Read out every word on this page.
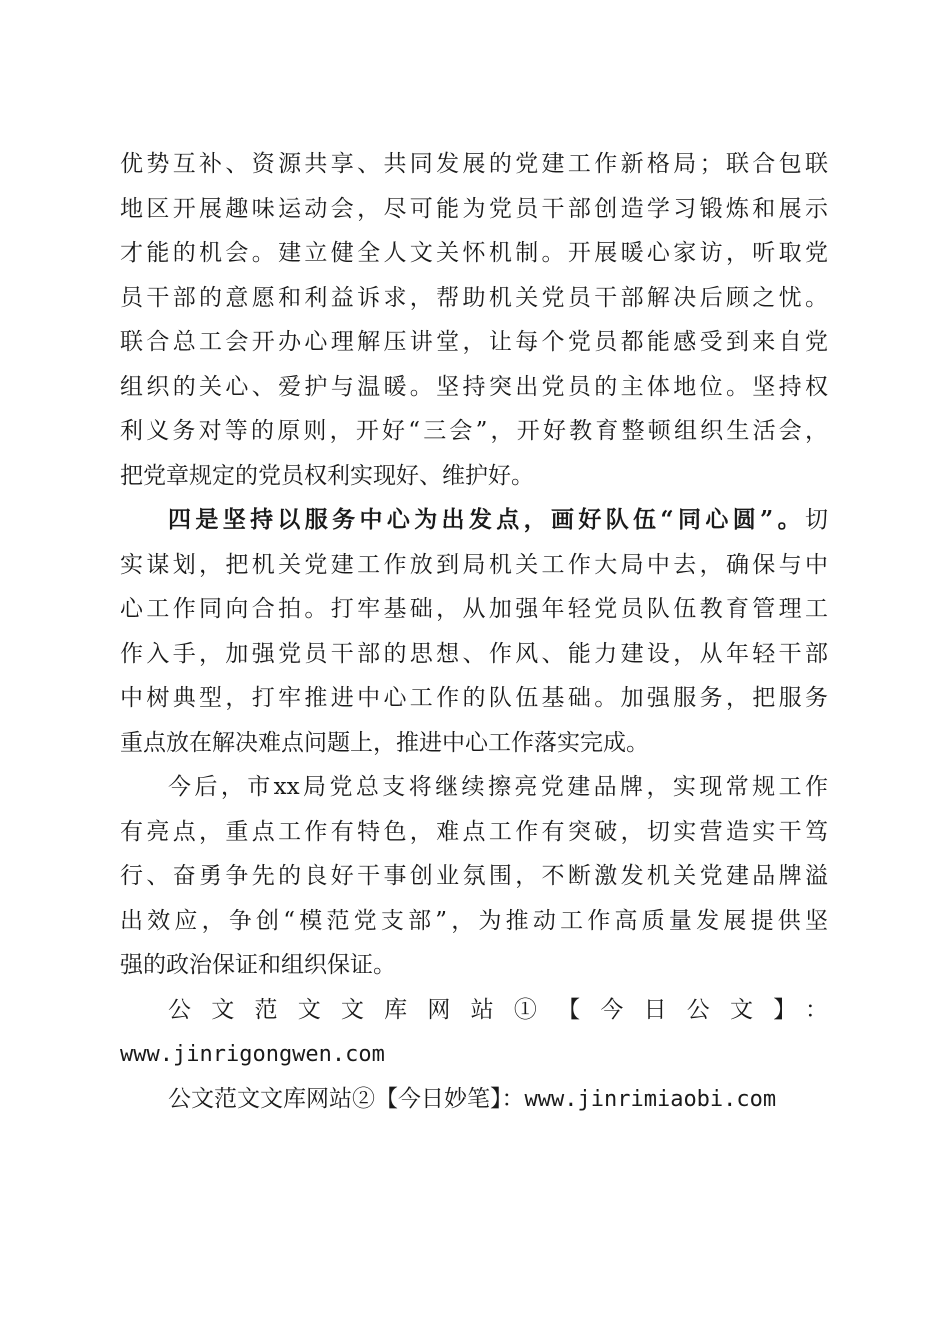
优势互补、资源共享、共同发展的党建工作新格局；联合包联
地区开展趣味运动会，尽可能为党员干部创造学习锻炼和展示
才能的机会。建立健全人文关怀机制。开展暖心家访，听取党
员干部的意愿和利益诉求，帮助机关党员干部解决后顾之忧。
联合总工会开办心理解压讲堂，让每个党员都能感受到来自党
组织的关心、爱护与温暖。坚持突出党员的主体地位。坚持权
利义务对等的原则，开好“三会”，开好教育整顿组织生活会，
把党章规定的党员权利实现好、维护好。
四是坚持以服务中心为出发点，画好队伍“同心圆”。切
实谋划，把机关党建工作放到局机关工作大局中去，确保与中
心工作同向合拍。打牢基础，从加强年轻党员队伍教育管理工
作入手，加强党员干部的思想、作风、能力建设，从年轻干部
中树典型，打牢推进中心工作的队伍基础。加强服务，把服务
重点放在解决难点问题上，推进中心工作落实完成。
今后，市xx局党总支将继续擦亮党建品牌，实现常规工作
有亮点，重点工作有特色，难点工作有突破，切实营造实干笃
行、奋勇争先的良好干事创业氛围，不断激发机关党建品牌溢
出效应，争创“模范党支部”，为推动工作高质量发展提供坚
强的政治保证和组织保证。
公文范文文库网站①【今日公文】：
www.jinrigongwen.com
公文范文文库网站②【今日妙笔】：www.jinrimiaobi.com
